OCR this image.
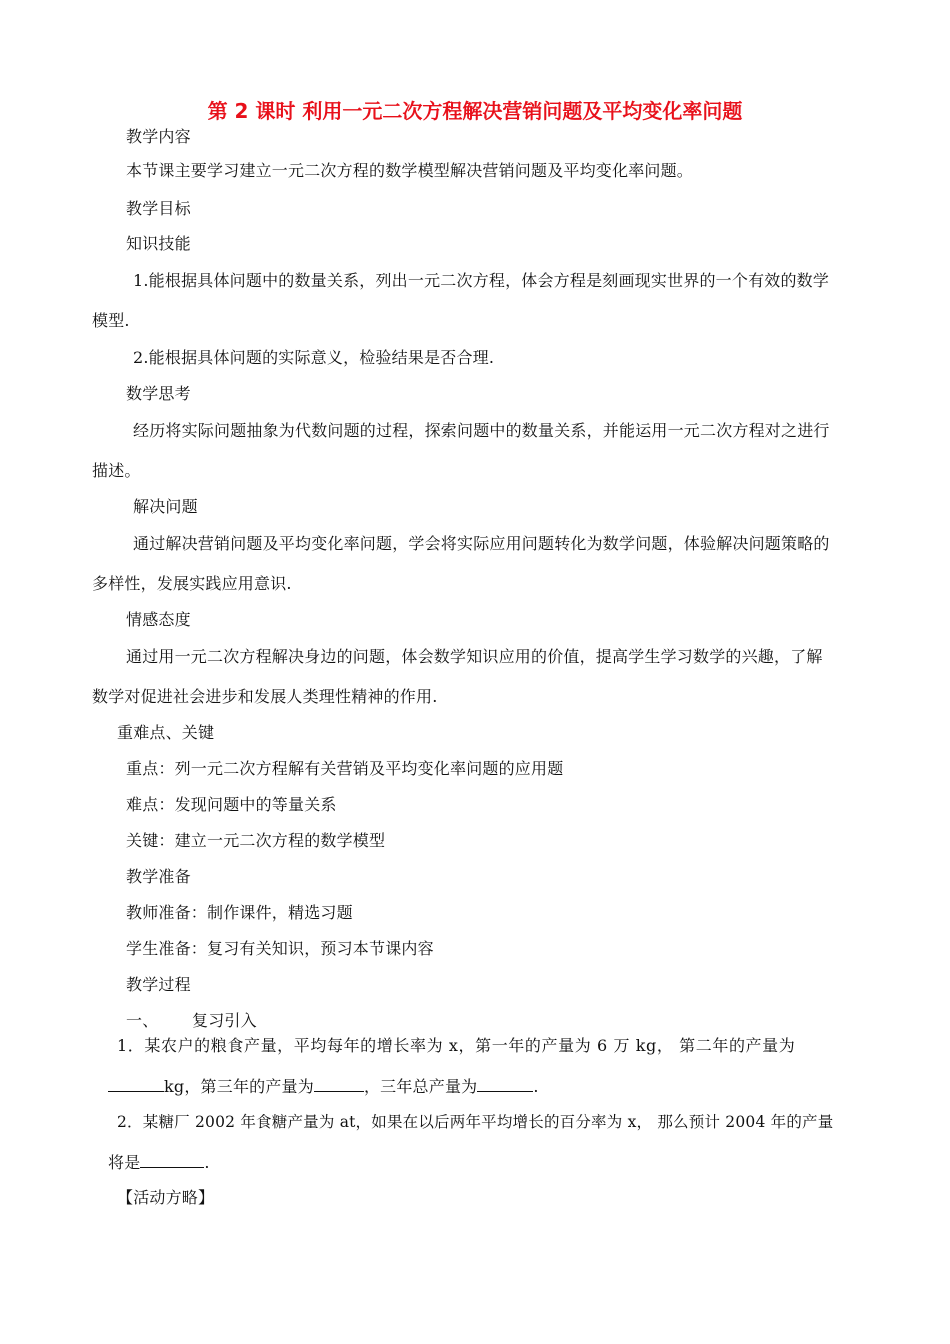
第 2 课时 利用一元二次方程解决营销问题及平均变化率问题
教学内容
本节课主要学习建立一元二次方程的数学模型解决营销问题及平均变化率问题。
教学目标
知识技能
1.能根据具体问题中的数量关系，列出一元二次方程，体会方程是刻画现实世界的一个有效的数学
模型.
2.能根据具体问题的实际意义，检验结果是否合理.
数学思考
经历将实际问题抽象为代数问题的过程，探索问题中的数量关系，并能运用一元二次方程对之进行
描述。
解决问题
通过解决营销问题及平均变化率问题，学会将实际应用问题转化为数学问题，体验解决问题策略的
多样性，发展实践应用意识.
情感态度
通过用一元二次方程解决身边的问题，体会数学知识应用的价值，提高学生学习数学的兴趣，了解
数学对促进社会进步和发展人类理性精神的作用.
重难点、关键
重点：列一元二次方程解有关营销及平均变化率问题的应用题
难点：发现问题中的等量关系
关键：建立一元二次方程的数学模型
教学准备
教师准备：制作课件，精选习题
学生准备：复习有关知识，预习本节课内容
教学过程
一、 复习引入
1．某农户的粮食产量，平均每年的增长率为 x，第一年的产量为 6 万 kg， 第二年的产量为
kg，第三年的产量为	，三年总产量为	.
2．某糖厂 2002 年食糖产量为 at，如果在以后两年平均增长的百分率为 x， 那么预计 2004 年的产量
将是	.
【活动方略】
